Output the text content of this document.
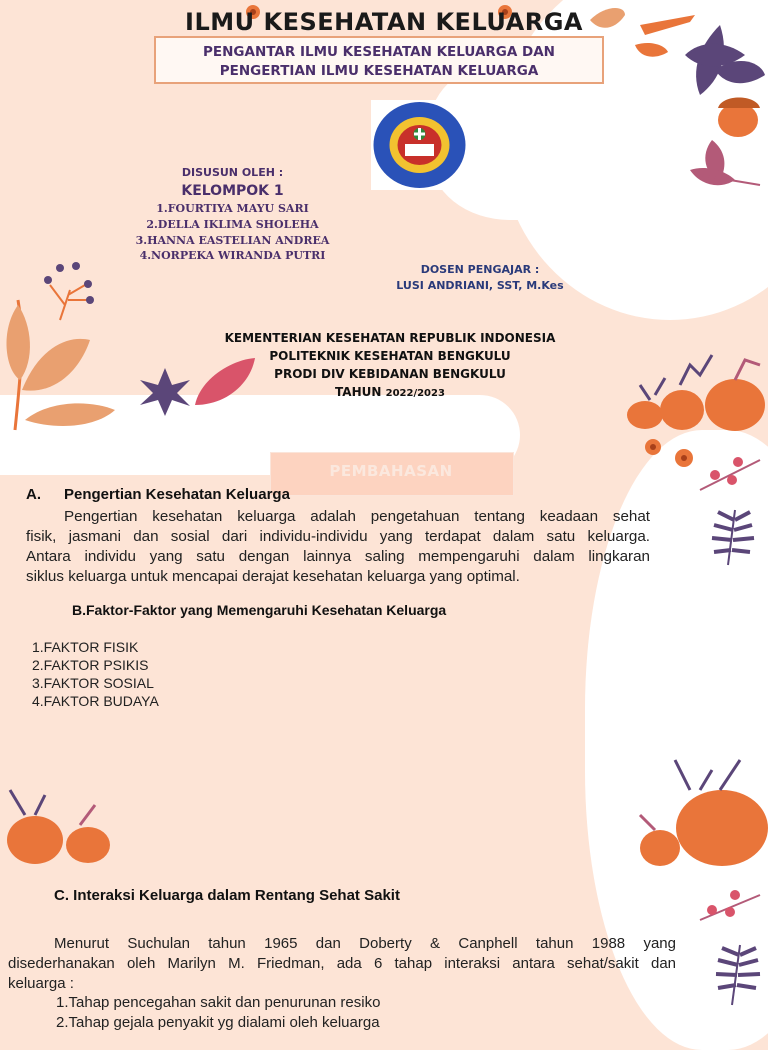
ILMU KESEHATAN KELUARGA
PENGANTAR ILMU KESEHATAN KELUARGA DAN
PENGERTIAN ILMU KESEHATAN KELUARGA
DISUSUN OLEH :
KELOMPOK 1
1.FOURTIYA MAYU SARI
2.DELLA IKLIMA SHOLEHA
3.HANNA EASTELIAN ANDREA
4.NORPEKA WIRANDA PUTRI
DOSEN PENGAJAR :
LUSI ANDRIANI, SST, M.Kes
KEMENTERIAN KESEHATAN REPUBLIK INDONESIA
POLITEKNIK KESEHATAN BENGKULU
PRODI DIV KEBIDANAN BENGKULU
TAHUN 2022/2023
PEMBAHASAN
A. Pengertian Kesehatan Keluarga
Pengertian kesehatan keluarga adalah pengetahuan tentang keadaan sehat
fisik, jasmani dan sosial dari individu-individu yang terdapat dalam satu keluarga.
Antara individu yang satu dengan lainnya saling mempengaruhi dalam lingkaran
siklus keluarga untuk mencapai derajat kesehatan keluarga yang optimal.
B.Faktor-Faktor yang Memengaruhi Kesehatan Keluarga
1.FAKTOR FISIK
2.FAKTOR PSIKIS
3.FAKTOR SOSIAL
4.FAKTOR BUDAYA
C. Interaksi Keluarga dalam Rentang Sehat Sakit
Menurut Suchulan tahun 1965 dan Doberty & Canphell tahun 1988 yang
disederhanakan oleh Marilyn M. Friedman, ada 6 tahap interaksi antara sehat/sakit dan
keluarga :
1.Tahap pencegahan sakit dan penurunan resiko
2.Tahap gejala penyakit yg dialami oleh keluarga
